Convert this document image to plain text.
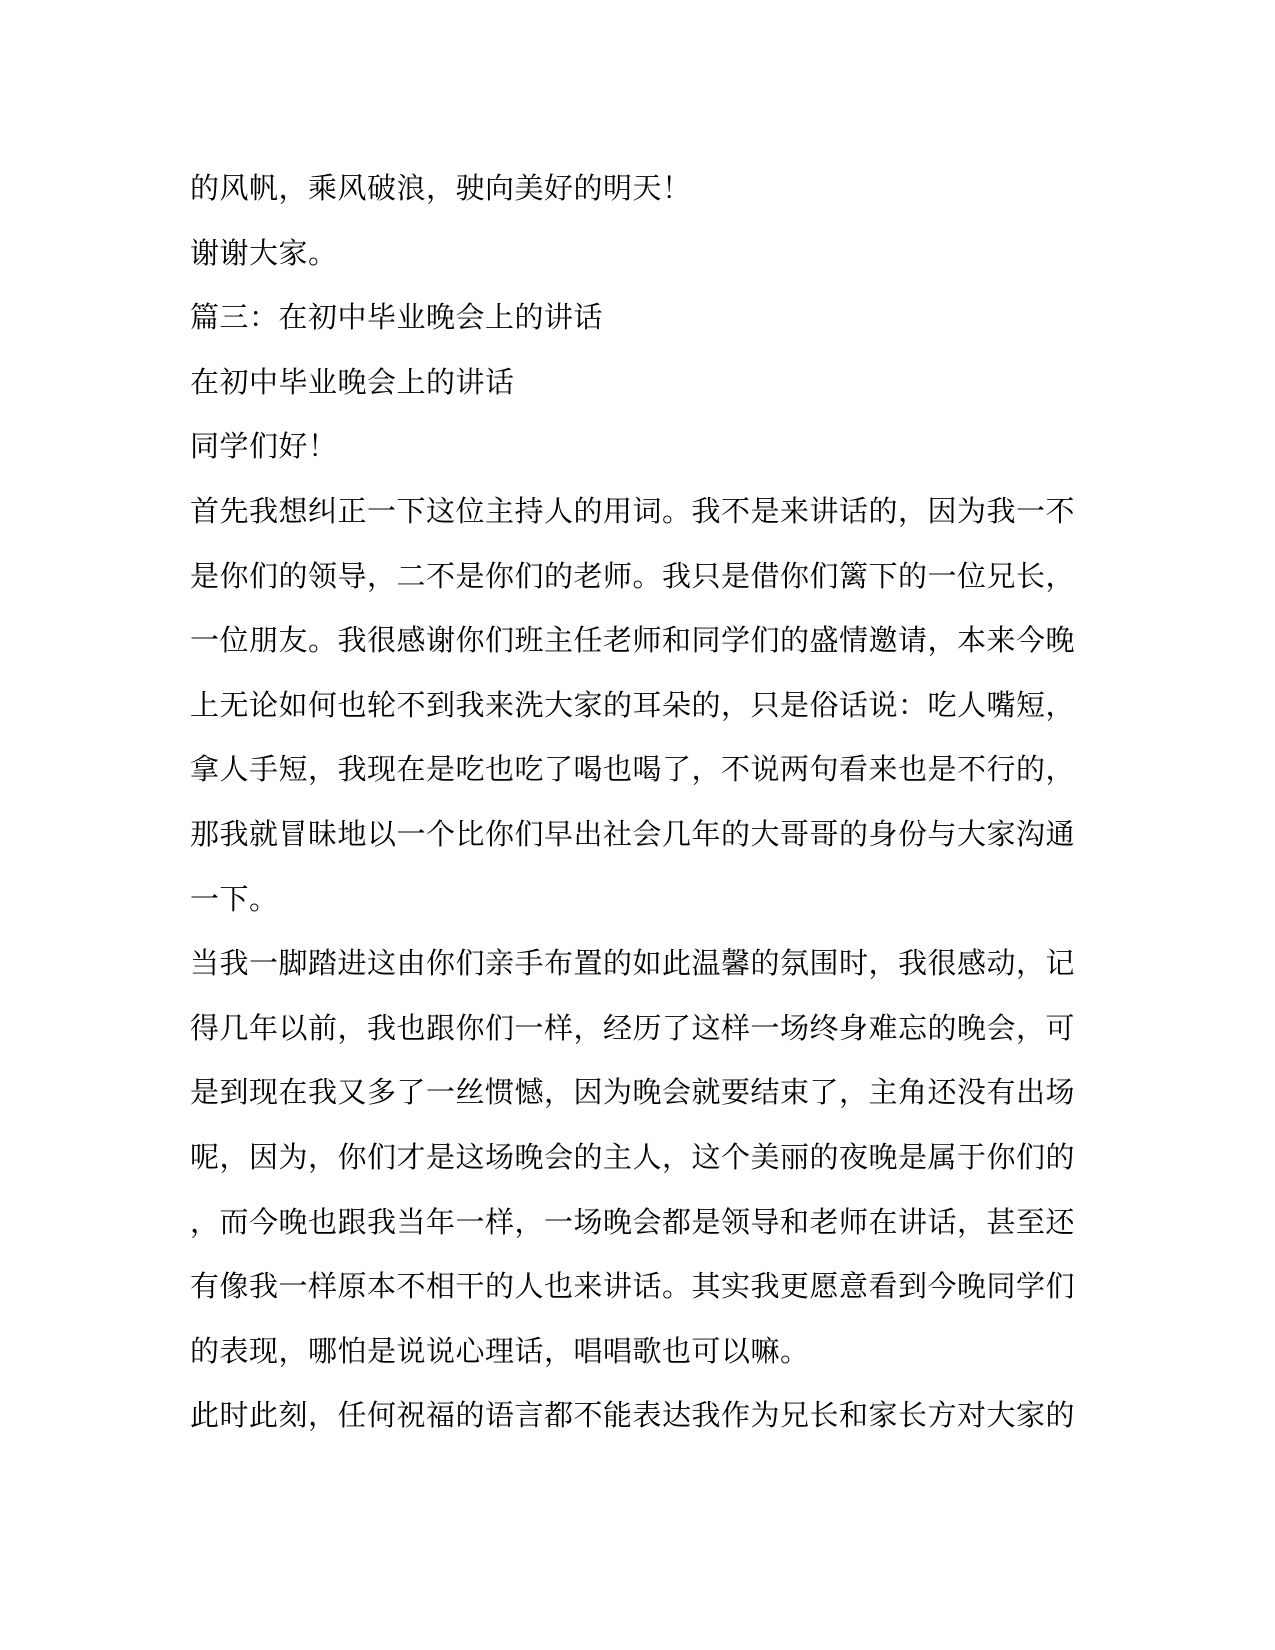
的风帆，乘风破浪，驶向美好的明天！

谢谢大家。

篇三：在初中毕业晚会上的讲话

在初中毕业晚会上的讲话

同学们好！

首先我想纠正一下这位主持人的用词。我不是来讲话的，因为我一不

是你们的领导，二不是你们的老师。我只是借你们篱下的一位兄长，

一位朋友。我很感谢你们班主任老师和同学们的盛情邀请，本来今晚

上无论如何也轮不到我来洗大家的耳朵的，只是俗话说：吃人嘴短，

拿人手短，我现在是吃也吃了喝也喝了，不说两句看来也是不行的，

那我就冒昧地以一个比你们早出社会几年的大哥哥的身份与大家沟通

一下。

当我一脚踏进这由你们亲手布置的如此温馨的氛围时，我很感动，记

得几年以前，我也跟你们一样，经历了这样一场终身难忘的晚会，可

是到现在我又多了一丝惯憾，因为晚会就要结束了，主角还没有出场

呢，因为，你们才是这场晚会的主人，这个美丽的夜晚是属于你们的

，而今晚也跟我当年一样，一场晚会都是领导和老师在讲话，甚至还

有像我一样原本不相干的人也来讲话。其实我更愿意看到今晚同学们

的表现，哪怕是说说心理话，唱唱歌也可以嘛。

此时此刻，任何祝福的语言都不能表达我作为兄长和家长方对大家的
